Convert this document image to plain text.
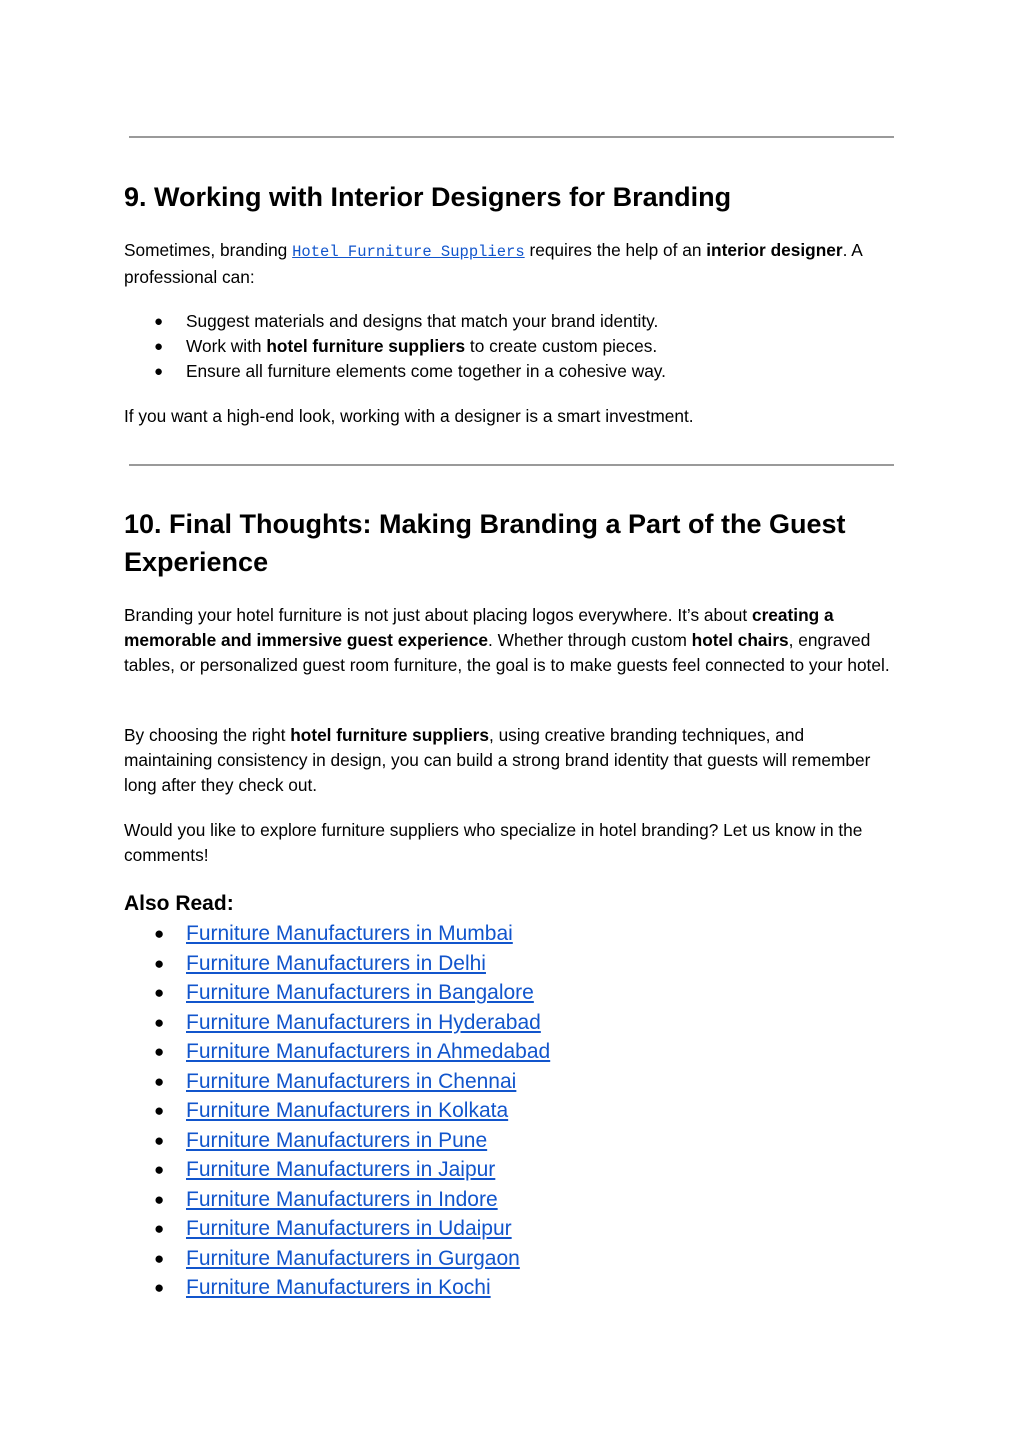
9. Working with Interior Designers for Branding

Sometimes, branding Hotel Furniture Suppliers requires the help of an interior designer. A professional can:

● Suggest materials and designs that match your brand identity.
● Work with hotel furniture suppliers to create custom pieces.
● Ensure all furniture elements come together in a cohesive way.

If you want a high-end look, working with a designer is a smart investment.

10. Final Thoughts: Making Branding a Part of the Guest Experience

Branding your hotel furniture is not just about placing logos everywhere. It’s about creating a memorable and immersive guest experience. Whether through custom hotel chairs, engraved tables, or personalized guest room furniture, the goal is to make guests feel connected to your hotel.

By choosing the right hotel furniture suppliers, using creative branding techniques, and maintaining consistency in design, you can build a strong brand identity that guests will remember long after they check out.

Would you like to explore furniture suppliers who specialize in hotel branding? Let us know in the comments!

Also Read:
● Furniture Manufacturers in Mumbai
● Furniture Manufacturers in Delhi
● Furniture Manufacturers in Bangalore
● Furniture Manufacturers in Hyderabad
● Furniture Manufacturers in Ahmedabad
● Furniture Manufacturers in Chennai
● Furniture Manufacturers in Kolkata
● Furniture Manufacturers in Pune
● Furniture Manufacturers in Jaipur
● Furniture Manufacturers in Indore
● Furniture Manufacturers in Udaipur
● Furniture Manufacturers in Gurgaon
● Furniture Manufacturers in Kochi
